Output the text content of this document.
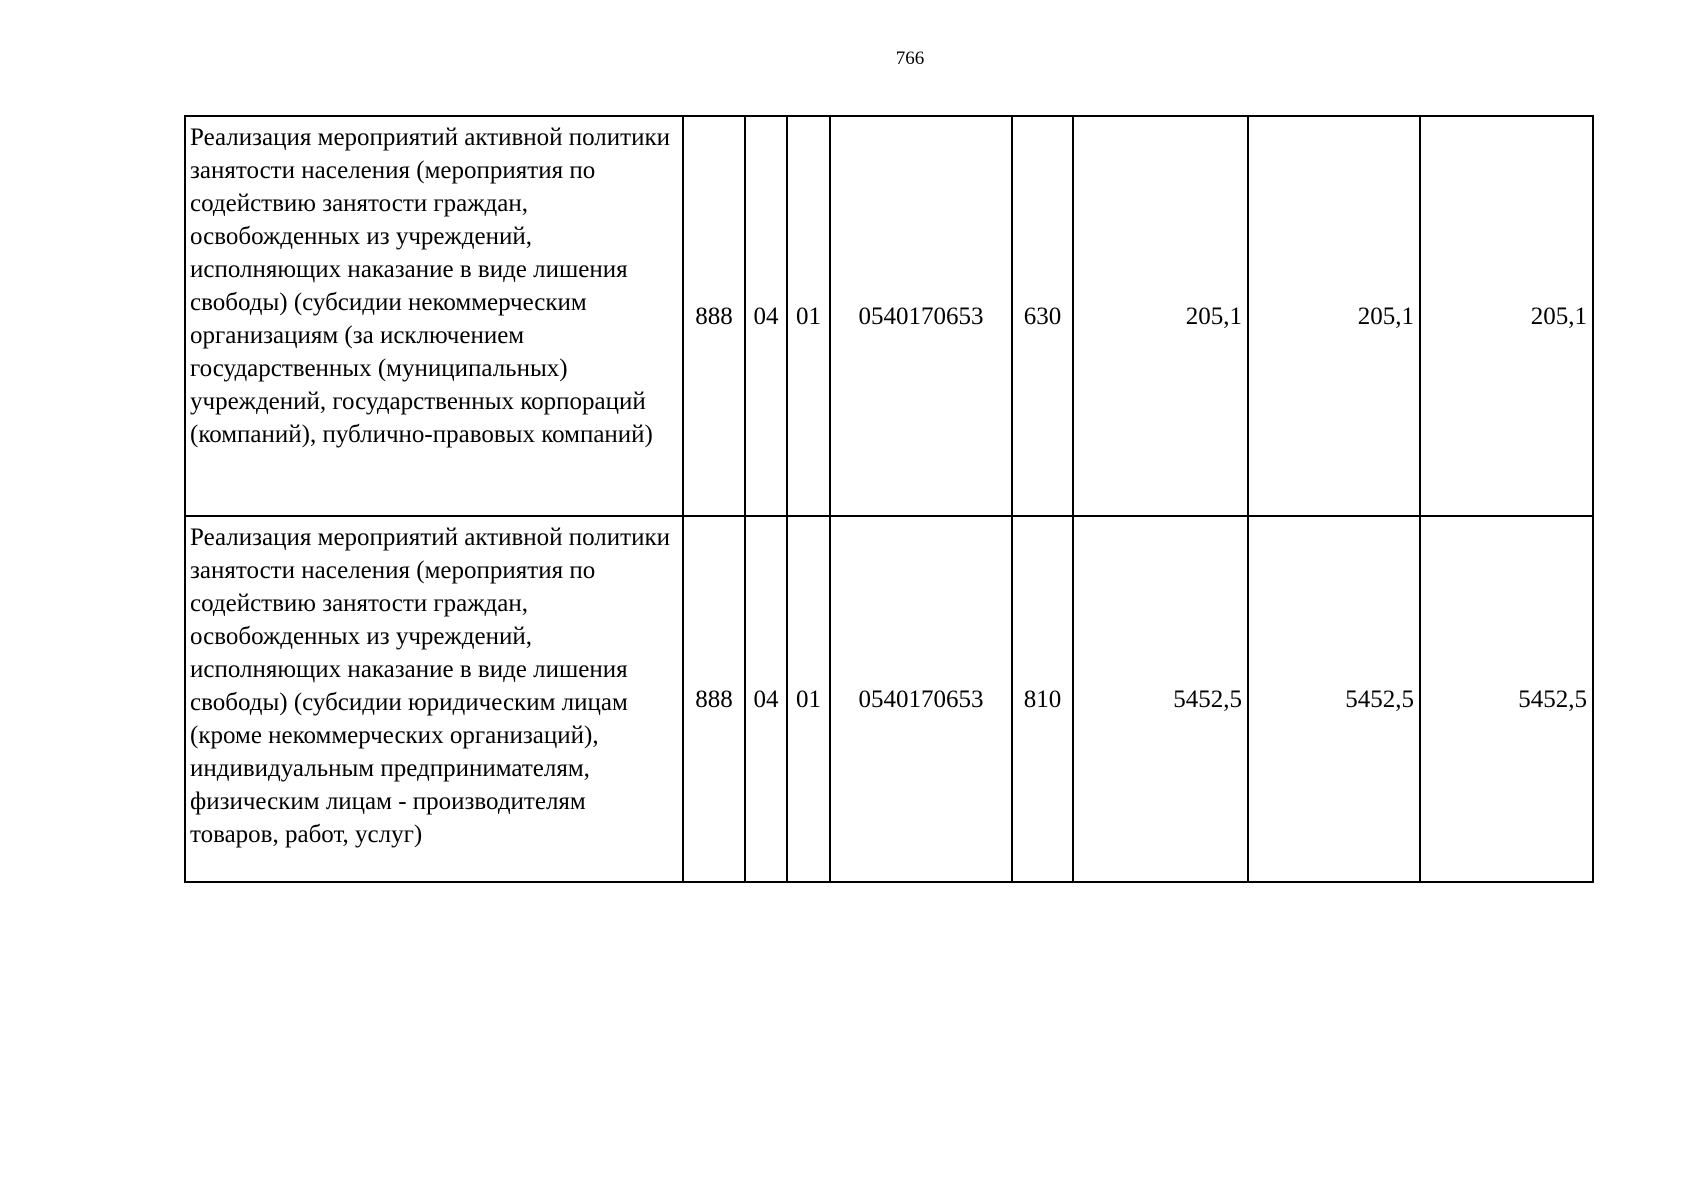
766
Реализация мероприятий активной политики занятости населения (мероприятия по содействию занятости граждан, освобожденных из учреждений, исполняющих наказание в виде лишения свободы) (субсидии некоммерческим организациям (за исключением государственных (муниципальных) учреждений, государственных корпораций (компаний), публично-правовых компаний)	888	04	01	0540170653	630	205,1	205,1	205,1
Реализация мероприятий активной политики занятости населения (мероприятия по содействию занятости граждан, освобожденных из учреждений, исполняющих наказание в виде лишения свободы) (субсидии юридическим лицам (кроме некоммерческих организаций), индивидуальным предпринимателям, физическим лицам - производителям товаров, работ, услуг)	888	04	01	0540170653	810	5452,5	5452,5	5452,5
